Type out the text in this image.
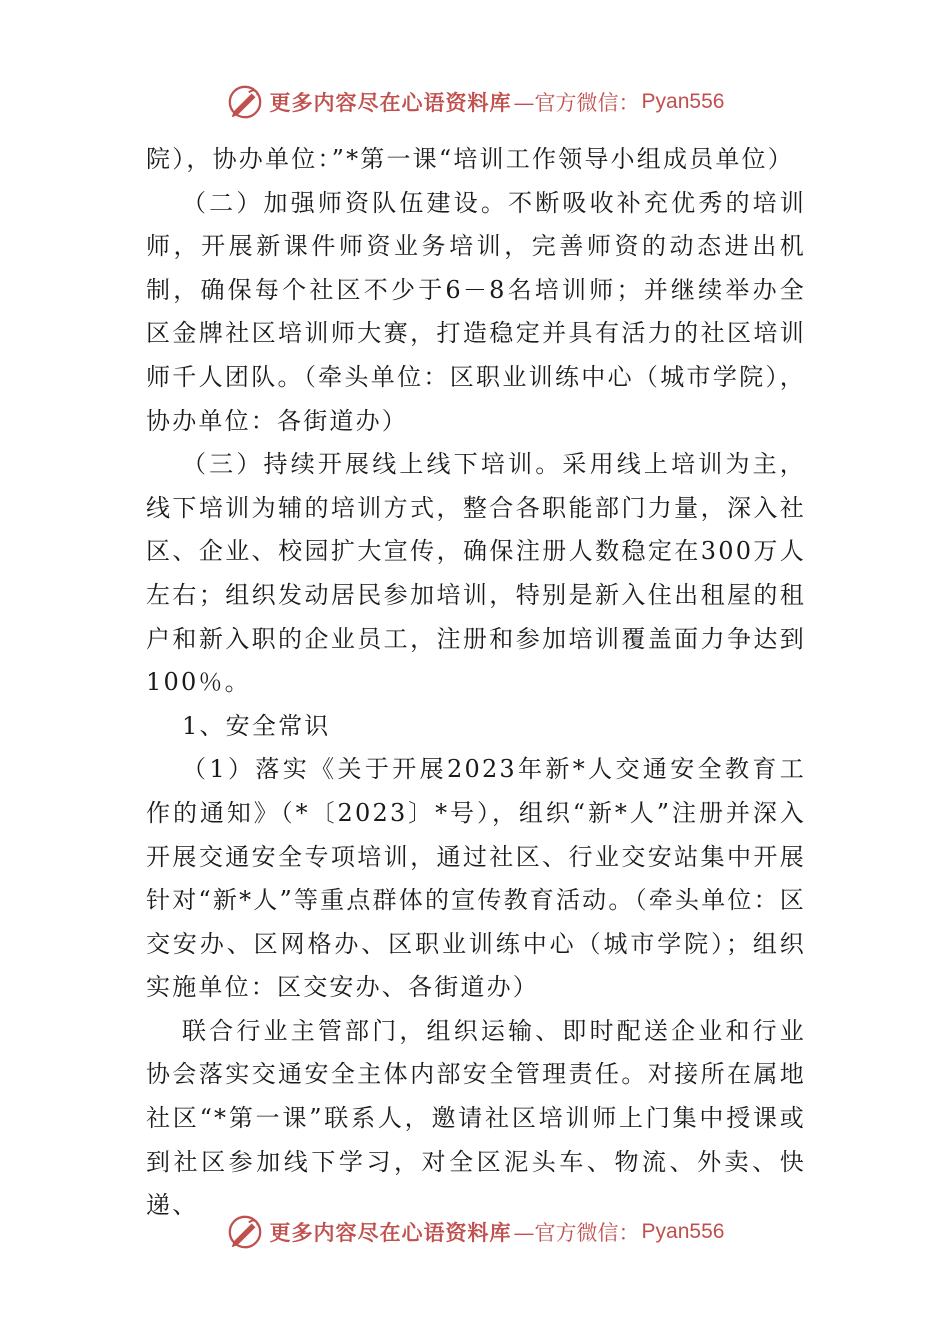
更多内容尽在心语资料库 —官方微信： Pyan556

院），协办单位：”*第一课“培训工作领导小组成员单位）

（二）加强师资队伍建设。不断吸收补充优秀的培训师，开展新课件师资业务培训，完善师资的动态进出机制，确保每个社区不少于6－8名培训师；并继续举办全区金牌社区培训师大赛，打造稳定并具有活力的社区培训师千人团队。（牵头单位：区职业训练中心（城市学院），协办单位：各街道办）

（三）持续开展线上线下培训。采用线上培训为主，线下培训为辅的培训方式，整合各职能部门力量，深入社区、企业、校园扩大宣传，确保注册人数稳定在300万人左右；组织发动居民参加培训，特别是新入住出租屋的租户和新入职的企业员工，注册和参加培训覆盖面力争达到100％。

1、安全常识

（1）落实《关于开展2023年新*人交通安全教育工作的通知》（*〔2023〕*号），组织“新*人”注册并深入开展交通安全专项培训，通过社区、行业交安站集中开展针对“新*人”等重点群体的宣传教育活动。（牵头单位：区交安办、区网格办、区职业训练中心（城市学院）；组织实施单位：区交安办、各街道办）

联合行业主管部门，组织运输、即时配送企业和行业协会落实交通安全主体内部安全管理责任。对接所在属地社区“*第一课”联系人，邀请社区培训师上门集中授课或到社区参加线下学习，对全区泥头车、物流、外卖、快递、

更多内容尽在心语资料库 —官方微信： Pyan556
